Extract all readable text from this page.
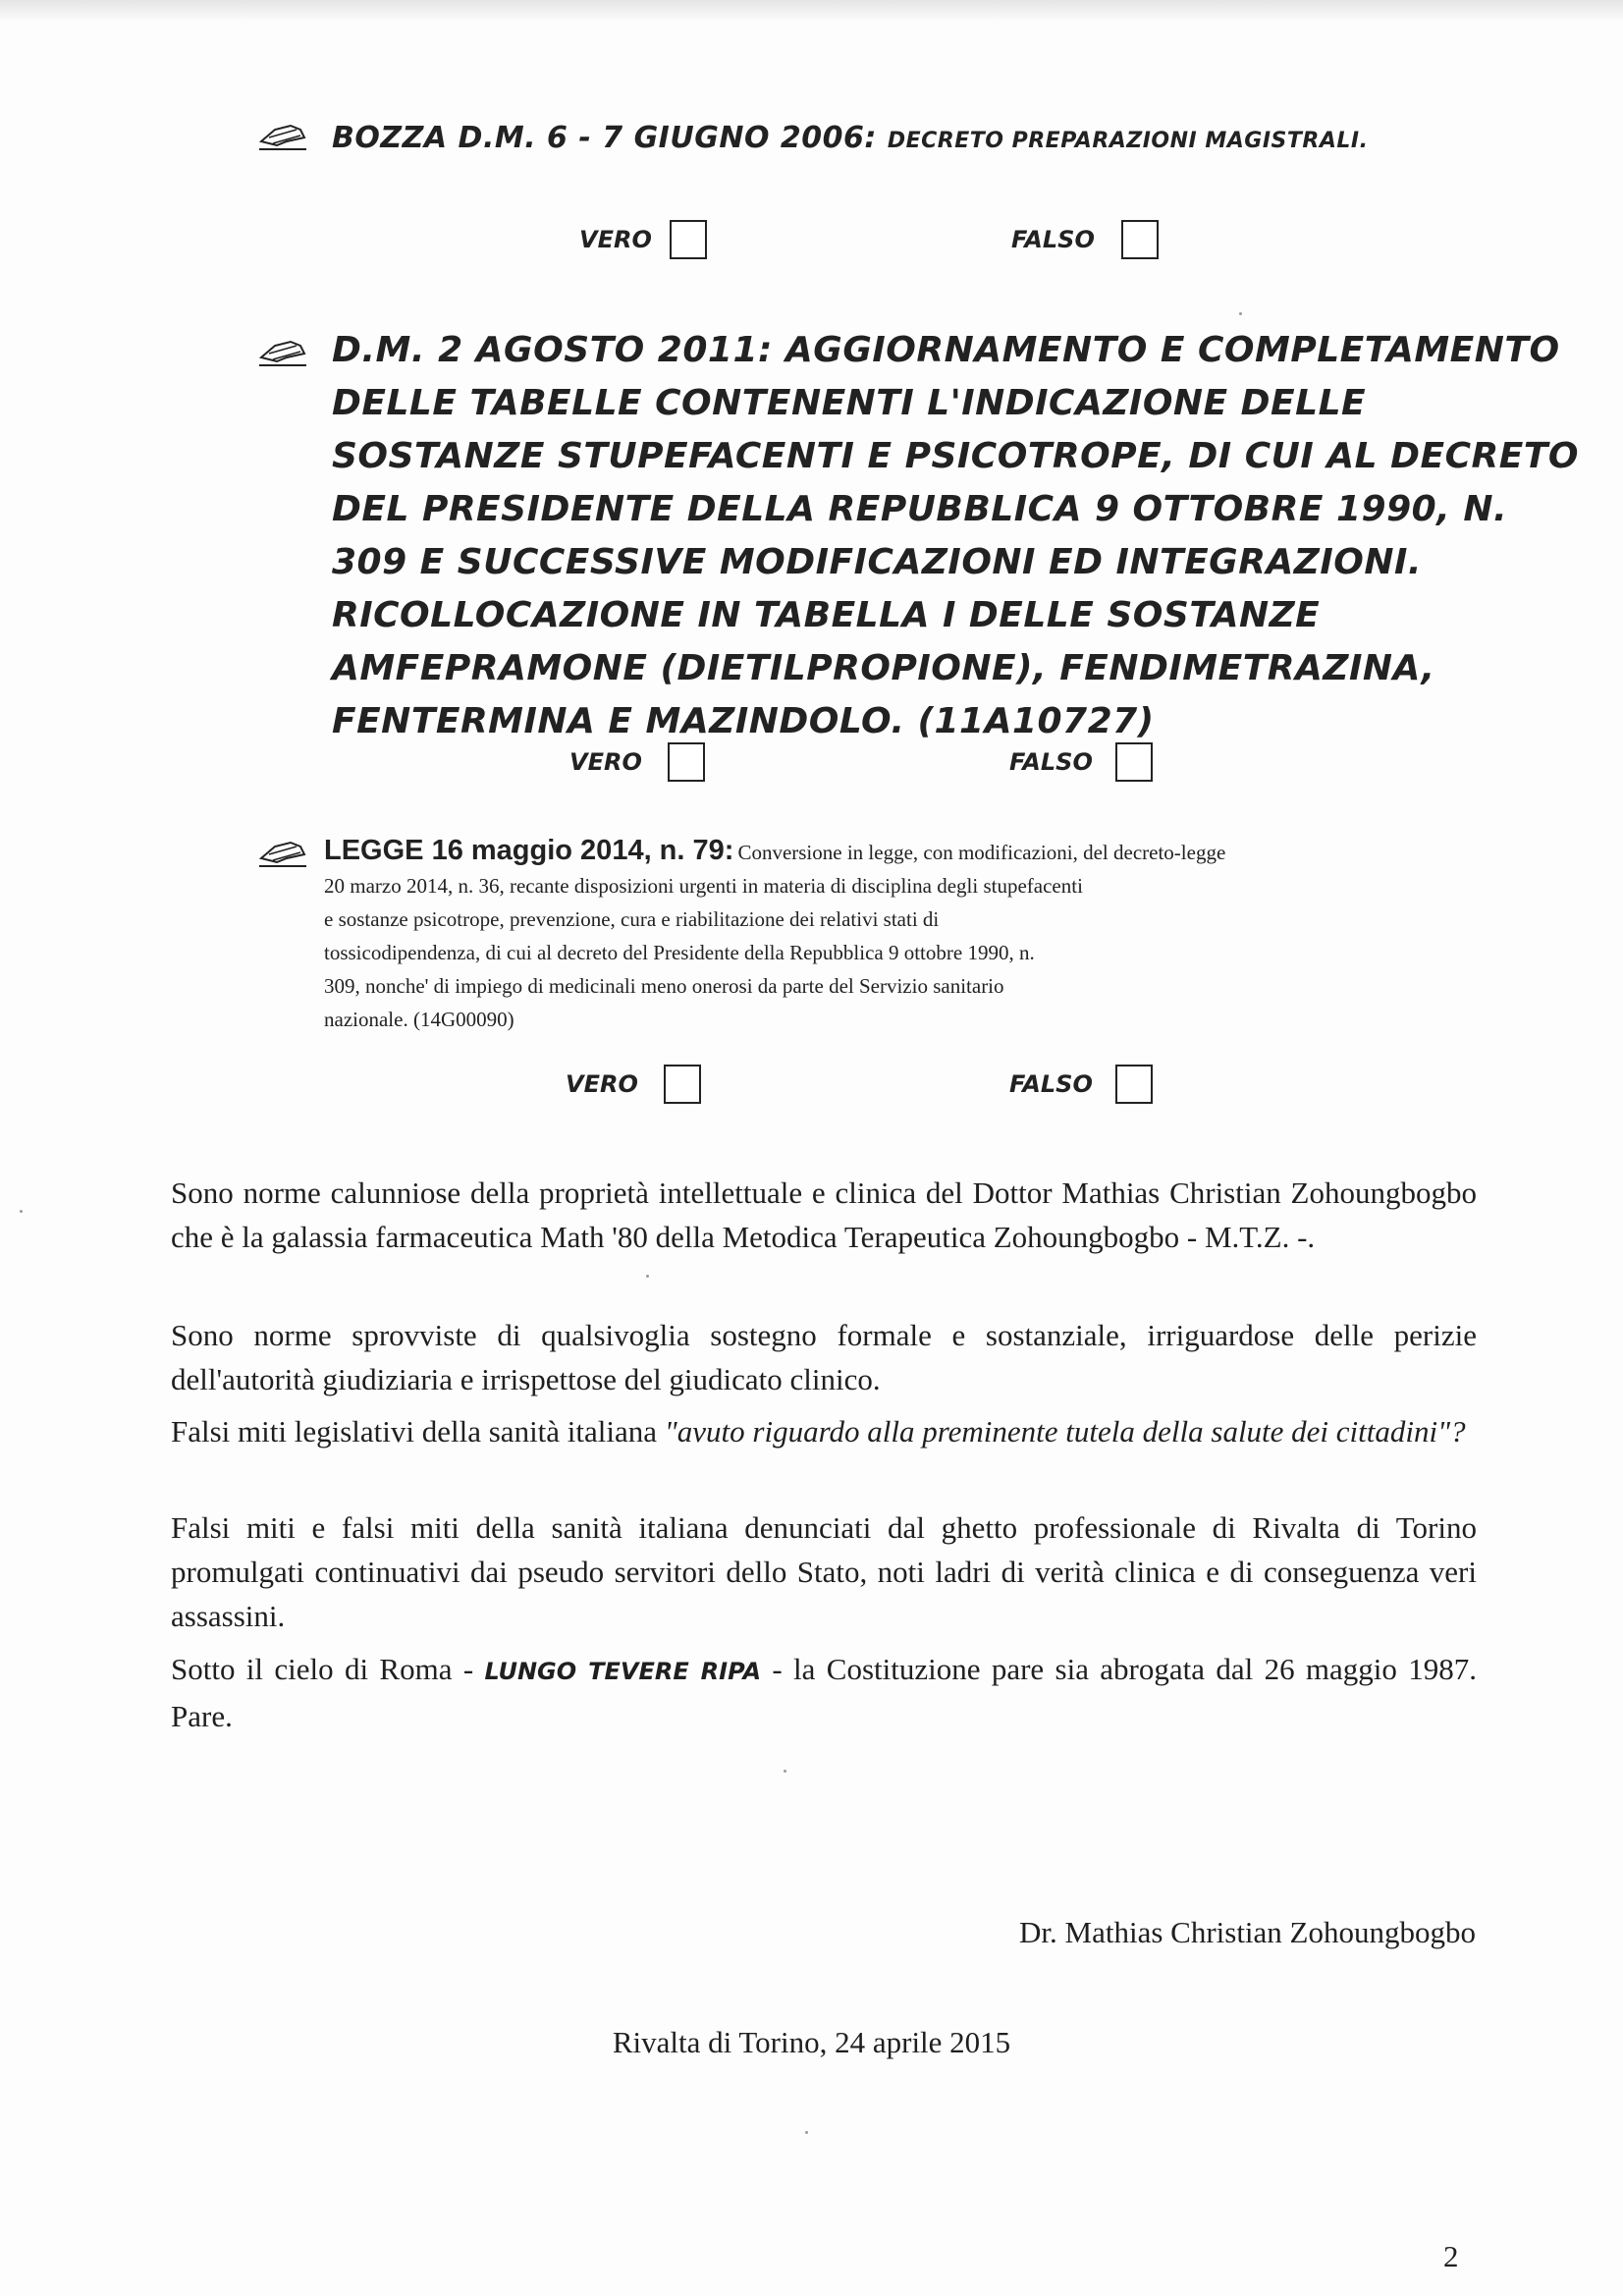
BOZZA D.M. 6 - 7 GIUGNO 2006: DECRETO PREPARAZIONI MAGISTRALI.
VERO	FALSO
D.M. 2 AGOSTO 2011: AGGIORNAMENTO E COMPLETAMENTO
DELLE TABELLE CONTENENTI L'INDICAZIONE DELLE
SOSTANZE STUPEFACENTI E PSICOTROPE, DI CUI AL DECRETO
DEL PRESIDENTE DELLA REPUBBLICA 9 OTTOBRE 1990, N.
309 E SUCCESSIVE MODIFICAZIONI ED INTEGRAZIONI.
RICOLLOCAZIONE IN TABELLA I DELLE SOSTANZE
AMFEPRAMONE (DIETILPROPIONE), FENDIMETRAZINA,
FENTERMINA E MAZINDOLO. (11A10727)
VERO	FALSO
LEGGE 16 maggio 2014, n. 79: Conversione in legge, con modificazioni, del decreto-legge
20 marzo 2014, n. 36, recante disposizioni urgenti in materia di disciplina degli stupefacenti
e sostanze psicotrope, prevenzione, cura e riabilitazione dei relativi stati di
tossicodipendenza, di cui al decreto del Presidente della Repubblica 9 ottobre 1990, n.
309, nonche' di impiego di medicinali meno onerosi da parte del Servizio sanitario
nazionale. (14G00090)
VERO	FALSO
Sono norme calunniose della proprietà intellettuale e clinica del Dottor Mathias Christian Zohoungbogbo che è la galassia farmaceutica Math '80 della Metodica Terapeutica Zohoungbogbo - M.T.Z. -.
Sono norme sprovviste di qualsivoglia sostegno formale e sostanziale, irriguardose delle perizie dell'autorità giudiziaria e irrispettose del giudicato clinico.
Falsi miti legislativi della sanità italiana "avuto riguardo alla preminente tutela della salute dei cittadini"?
Falsi miti e falsi miti della sanità italiana denunciati dal ghetto professionale di Rivalta di Torino promulgati continuativi dai pseudo servitori dello Stato, noti ladri di verità clinica e di conseguenza veri assassini.
Sotto il cielo di Roma - LUNGO TEVERE RIPA - la Costituzione pare sia abrogata dal 26 maggio 1987. Pare.
Dr. Mathias Christian Zohoungbogbo
Rivalta di Torino, 24 aprile 2015
2
